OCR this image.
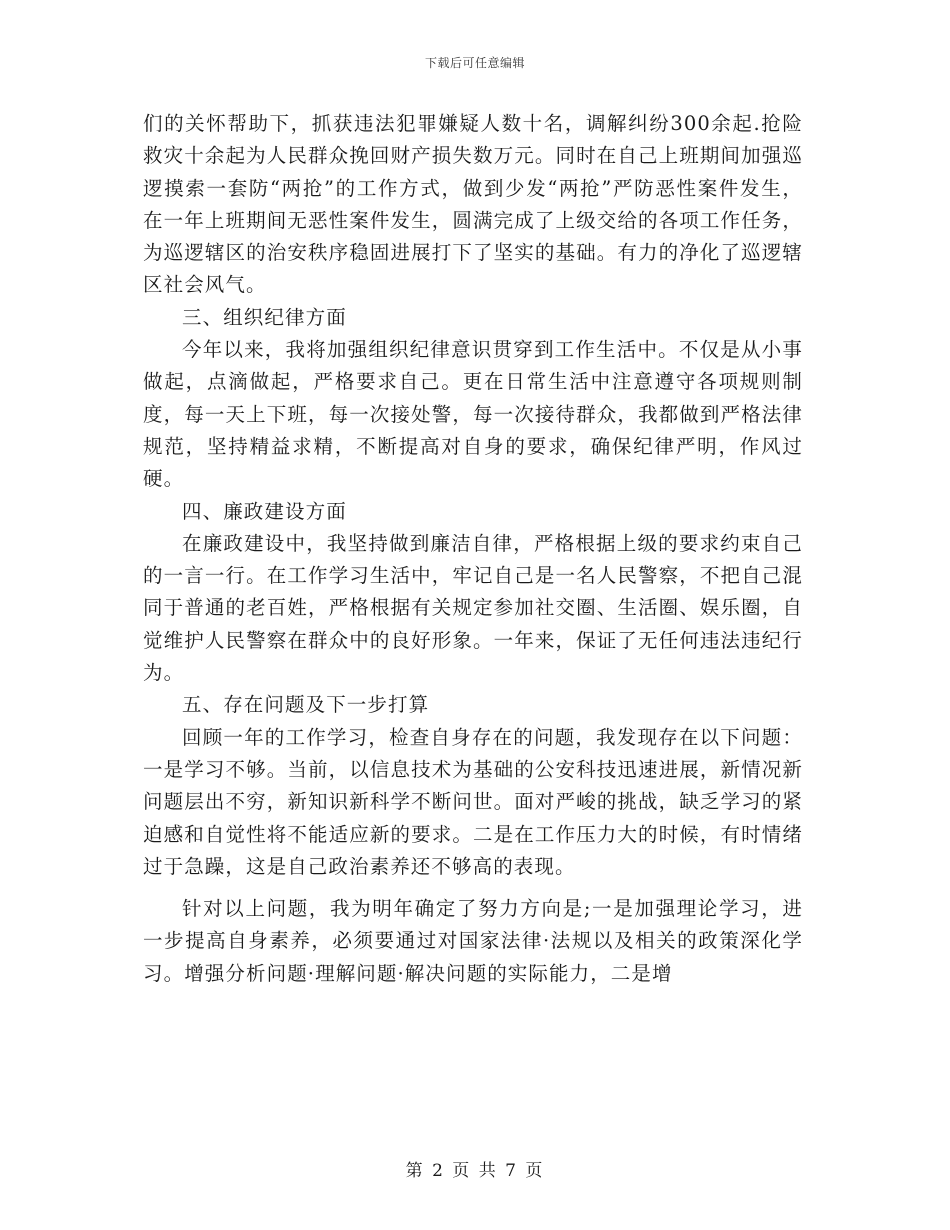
下载后可任意编辑

们的关怀帮助下，抓获违法犯罪嫌疑人数十名，调解纠纷300余起.抢险救灾十余起为人民群众挽回财产损失数万元。同时在自己上班期间加强巡逻摸索一套防“两抢”的工作方式，做到少发“两抢”严防恶性案件发生，在一年上班期间无恶性案件发生，圆满完成了上级交给的各项工作任务，为巡逻辖区的治安秩序稳固进展打下了坚实的基础。有力的净化了巡逻辖区社会风气。

三、组织纪律方面

今年以来，我将加强组织纪律意识贯穿到工作生活中。不仅是从小事做起，点滴做起，严格要求自己。更在日常生活中注意遵守各项规则制度，每一天上下班，每一次接处警，每一次接待群众，我都做到严格法律规范，坚持精益求精，不断提高对自身的要求，确保纪律严明，作风过硬。

四、廉政建设方面

在廉政建设中，我坚持做到廉洁自律，严格根据上级的要求约束自己的一言一行。在工作学习生活中，牢记自己是一名人民警察，不把自己混同于普通的老百姓，严格根据有关规定参加社交圈、生活圈、娱乐圈，自觉维护人民警察在群众中的良好形象。一年来，保证了无任何违法违纪行为。

五、存在问题及下一步打算

回顾一年的工作学习，检查自身存在的问题，我发现存在以下问题：一是学习不够。当前，以信息技术为基础的公安科技迅速进展，新情况新问题层出不穷，新知识新科学不断问世。面对严峻的挑战，缺乏学习的紧迫感和自觉性将不能适应新的要求。二是在工作压力大的时候，有时情绪过于急躁，这是自己政治素养还不够高的表现。

针对以上问题，我为明年确定了努力方向是;一是加强理论学习，进一步提高自身素养，必须要通过对国家法律·法规以及相关的政策深化学习。增强分析问题·理解问题·解决问题的实际能力，二是增

第 2 页 共 7 页
